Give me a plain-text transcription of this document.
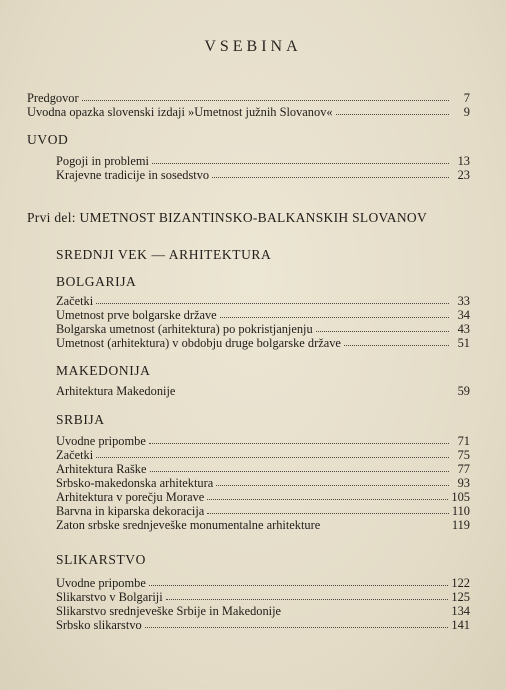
VSEBINA
Predgovor	7
Uvodna opazka slovenski izdaji »Umetnost južnih Slovanov«	9
UVOD
Pogoji in problemi	13
Krajevne tradicije in sosedstvo	23
Prvi del: UMETNOST BIZANTINSKO-BALKANSKIH SLOVANOV
SREDNJI VEK — ARHITEKTURA
BOLGARIJA
Začetki	33
Umetnost prve bolgarske države	34
Bolgarska umetnost (arhitektura) po pokristjanjenju	43
Umetnost (arhitektura) v obdobju druge bolgarske države	51
MAKEDONIJA
Arhitektura Makedonije	59
SRBIJA
Uvodne pripombe	71
Začetki	75
Arhitektura Raške	77
Srbsko-makedonska arhitektura	93
Arhitektura v porečju Morave	105
Barvna in kiparska dekoracija	110
Zaton srbske srednjeveške monumentalne arhitekture	119
SLIKARSTVO
Uvodne pripombe	122
Slikarstvo v Bolgariji	125
Slikarstvo srednjeveške Srbije in Makedonije	134
Srbsko slikarstvo	141
